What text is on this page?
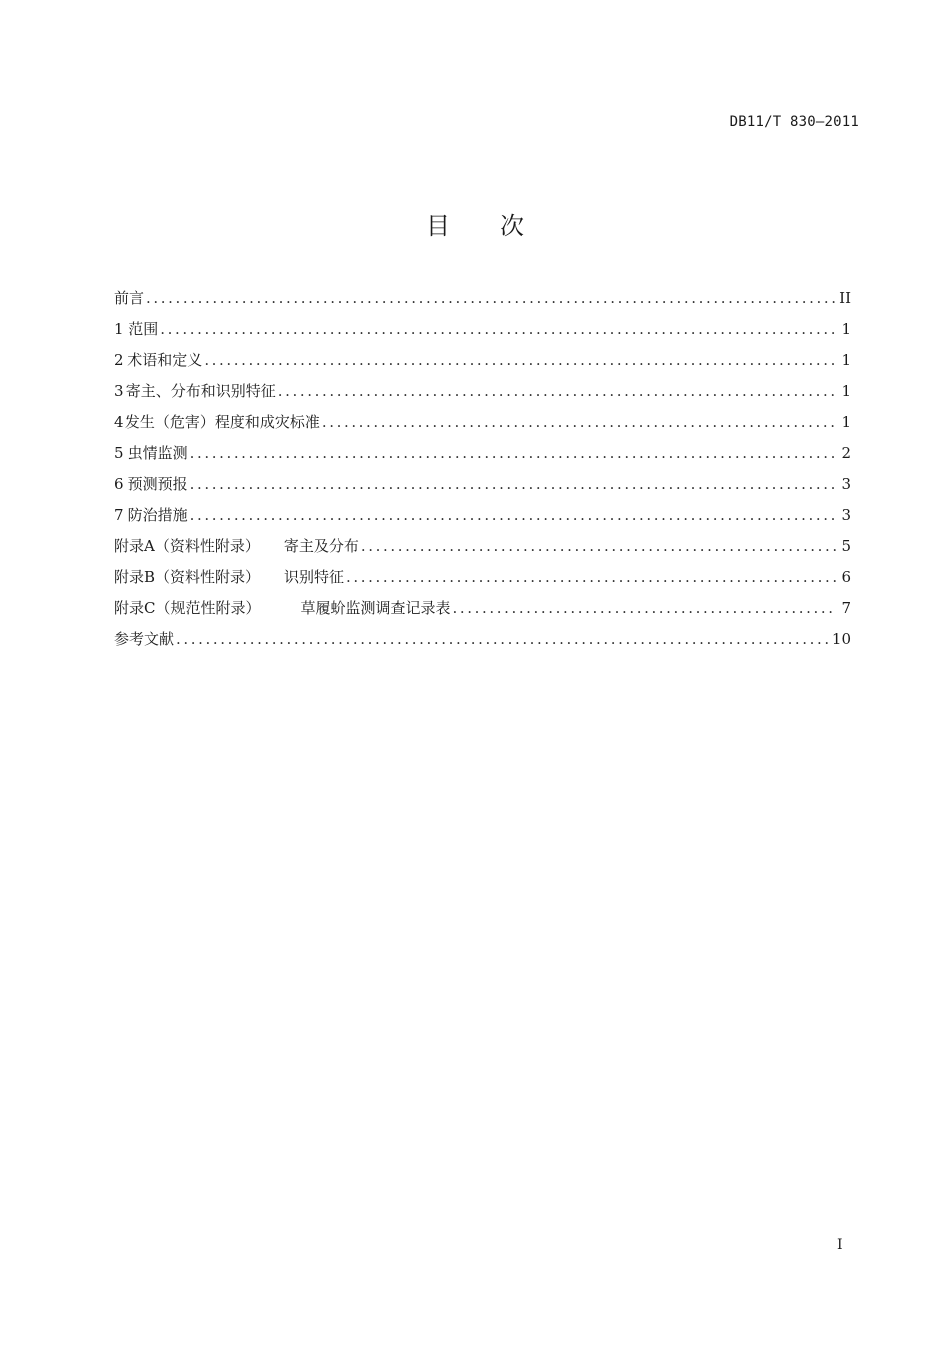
DB11/T 830—2011
目 次
前言 .....	II
1 范围 .....	1
2 术语和定义 .....	1
3 寄主、分布和识别特征 .....	1
4 发生（危害）程度和成灾标准 .....	1
5 虫情监测 .....	2
6 预测预报 .....	3
7 防治措施 .....	3
附录A（资料性附录） 寄主及分布 .....	5
附录B（资料性附录） 识别特征 .....	6
附录C（规范性附录）	草履蚧监测调查记录表 .....	7
参考文献 .....	10
I
